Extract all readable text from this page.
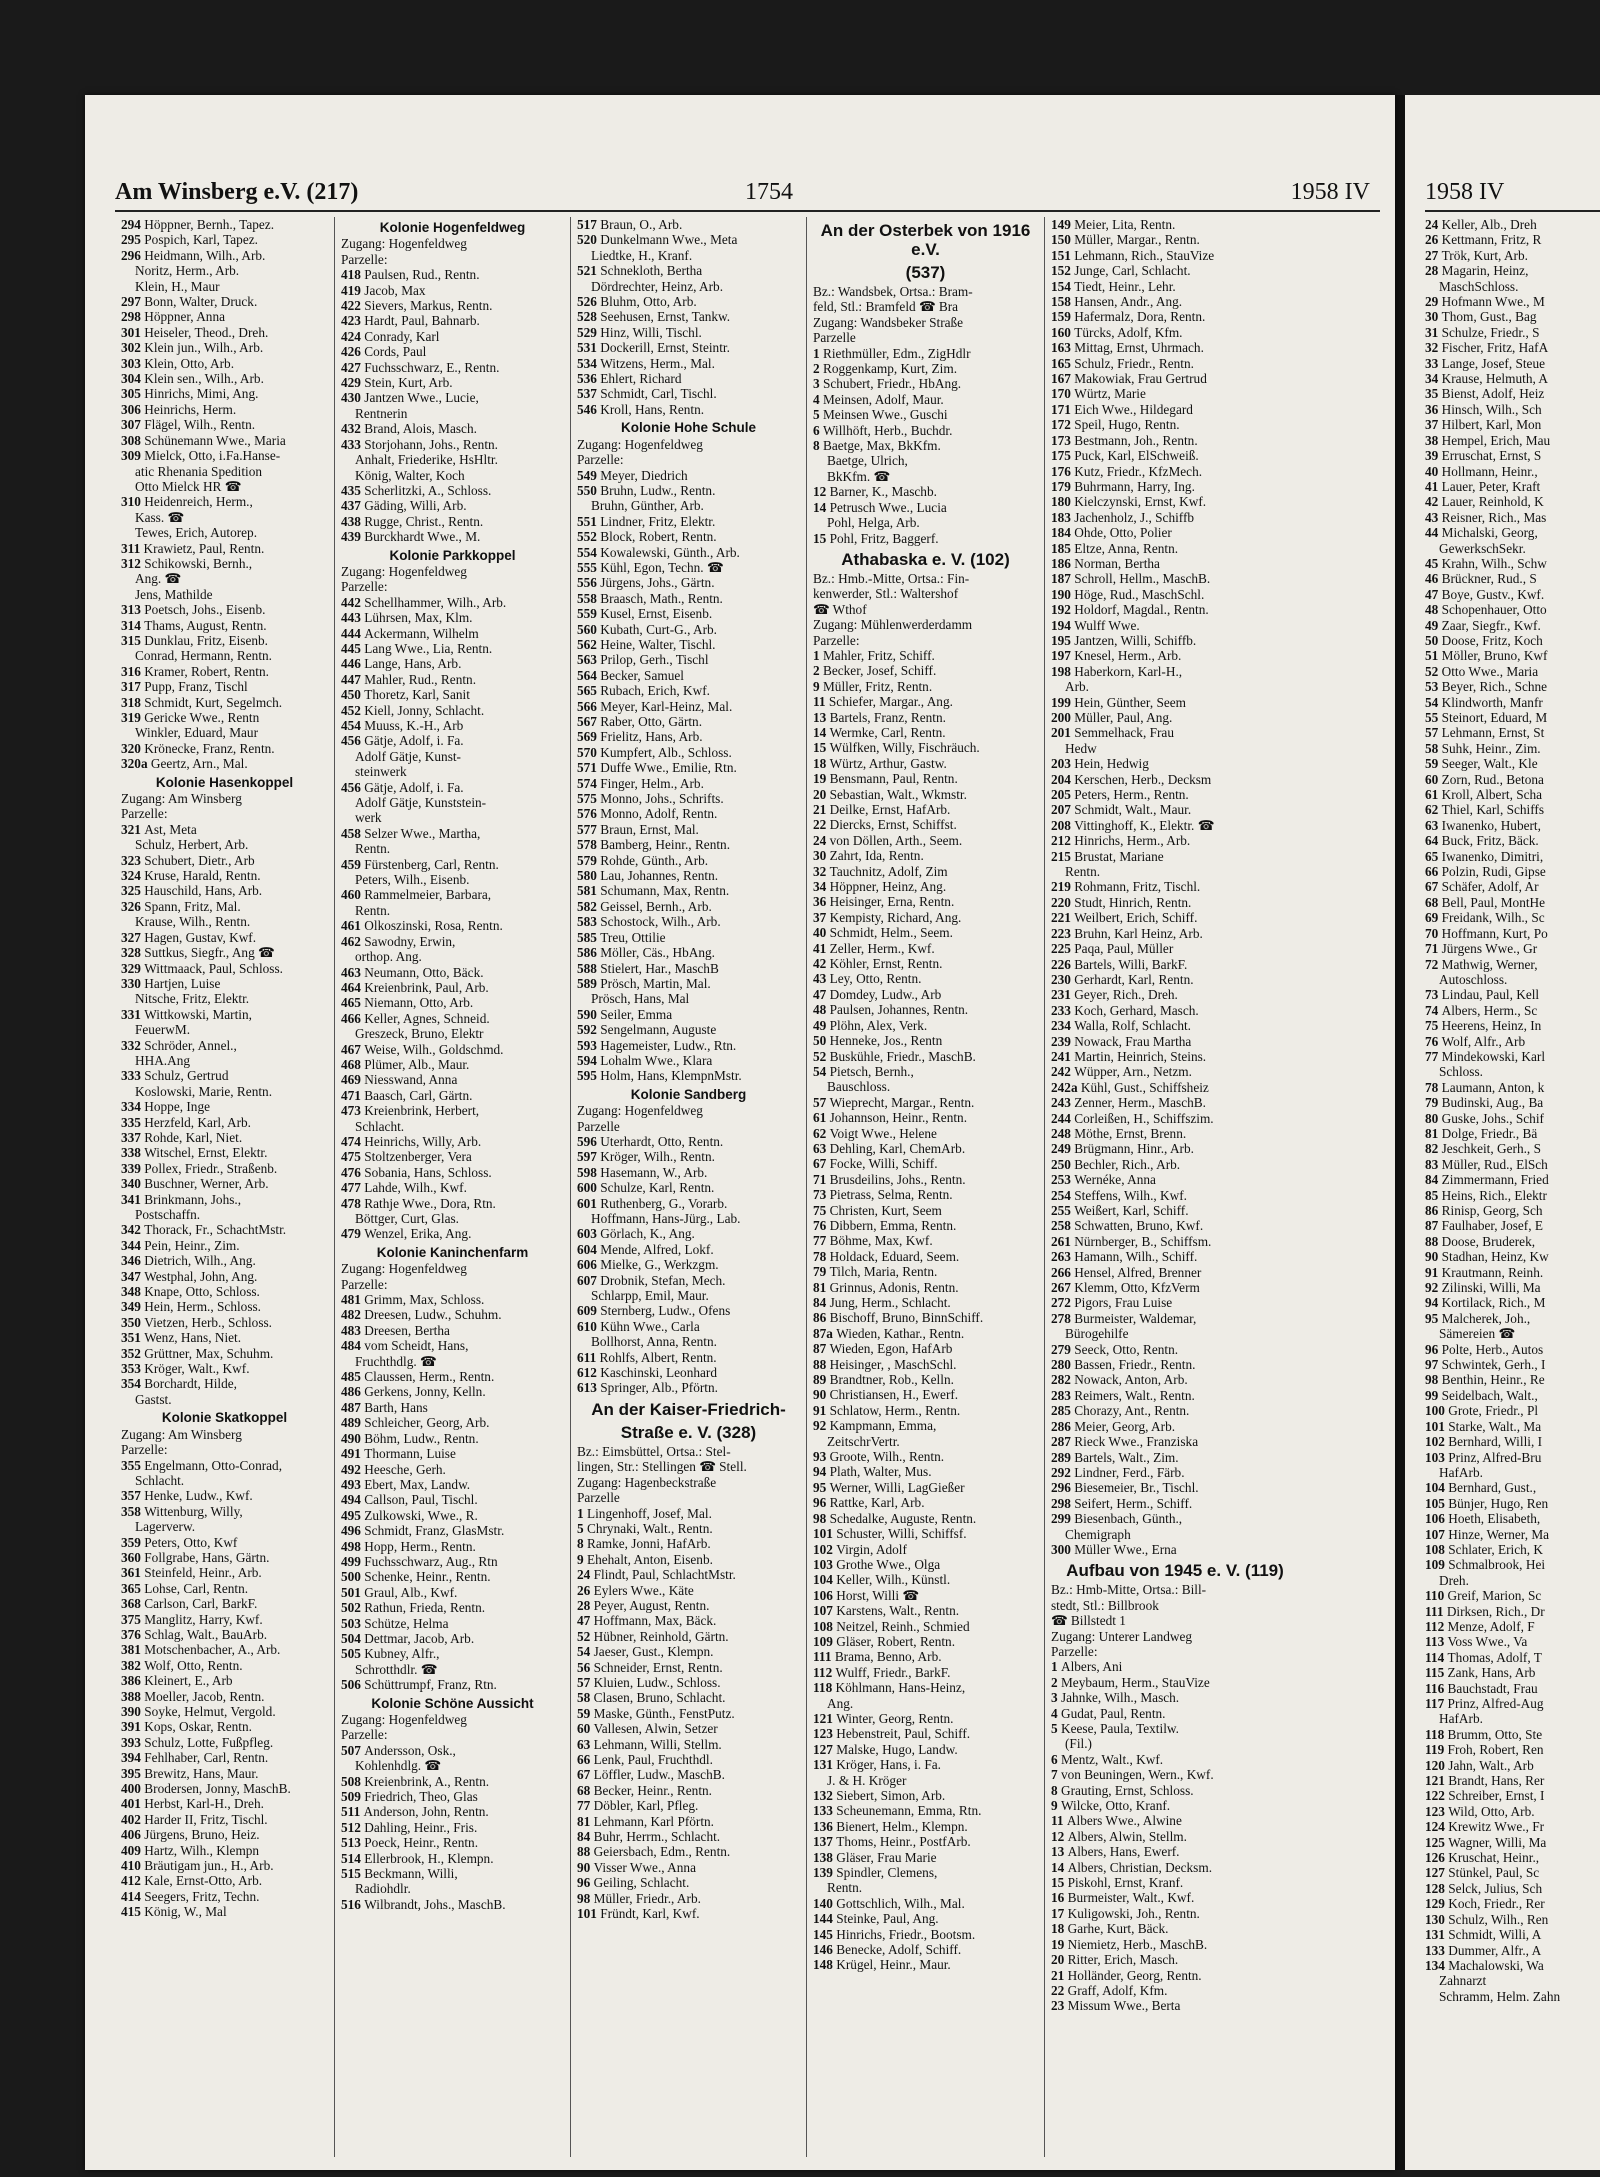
Am Winsberg e.V. (217)	1754	1958 IV
294 Höppner, Bernh., Tapez.
295 Pospich, Karl, Tapez.
296 Heidmann, Wilh., Arb.
Noritz, Herm., Arb.
Klein, H., Maur
297 Bonn, Walter, Druck.
298 Höppner, Anna
301 Heiseler, Theod., Dreh.
302 Klein jun., Wilh., Arb.
303 Klein, Otto, Arb.
304 Klein sen., Wilh., Arb.
305 Hinrichs, Mimi, Ang.
306 Heinrichs, Herm.
307 Flägel, Wilh., Rentn.
308 Schünemann Wwe., Maria
309 Mielck, Otto, i.Fa.Hanse-
atic Rhenania Spedition
Otto Mielck HR ☎
310 Heidenreich, Herm.,
Kass. ☎
Tewes, Erich, Autorep.
311 Krawietz, Paul, Rentn.
312 Schikowski, Bernh.,
Ang. ☎
Jens, Mathilde
313 Poetsch, Johs., Eisenb.
314 Thams, August, Rentn.
315 Dunklau, Fritz, Eisenb.
Conrad, Hermann, Rentn.
316 Kramer, Robert, Rentn.
317 Pupp, Franz, Tischl
318 Schmidt, Kurt, Segelmch.
319 Gericke Wwe., Rentn
Winkler, Eduard, Maur
320 Krönecke, Franz, Rentn.
320a Geertz, Arn., Mal.
Kolonie Hasenkoppel
Zugang: Am Winsberg
Parzelle:
321 Ast, Meta
Schulz, Herbert, Arb.
323 Schubert, Dietr., Arb
324 Kruse, Harald, Rentn.
325 Hauschild, Hans, Arb.
326 Spann, Fritz, Mal.
Krause, Wilh., Rentn.
327 Hagen, Gustav, Kwf.
328 Suttkus, Siegfr., Ang ☎
329 Wittmaack, Paul, Schloss.
330 Hartjen, Luise
Nitsche, Fritz, Elektr.
331 Wittkowski, Martin,
FeuerwM.
332 Schröder, Annel.,
HHA.Ang
333 Schulz, Gertrud
Koslowski, Marie, Rentn.
334 Hoppe, Inge
335 Herzfeld, Karl, Arb.
337 Rohde, Karl, Niet.
338 Witschel, Ernst, Elektr.
339 Pollex, Friedr., Straßenb.
340 Buschner, Werner, Arb.
341 Brinkmann, Johs.,
Postschaffn.
342 Thorack, Fr., SchachtMstr.
344 Pein, Heinr., Zim.
346 Dietrich, Wilh., Ang.
347 Westphal, John, Ang.
348 Knape, Otto, Schloss.
349 Hein, Herm., Schloss.
350 Vietzen, Herb., Schloss.
351 Wenz, Hans, Niet.
352 Grüttner, Max, Schuhm.
353 Kröger, Walt., Kwf.
354 Borchardt, Hilde,
Gastst.
Kolonie Skatkoppel
Zugang: Am Winsberg
Parzelle:
355 Engelmann, Otto-Conrad,
Schlacht.
357 Henke, Ludw., Kwf.
358 Wittenburg, Willy,
Lagerverw.
359 Peters, Otto, Kwf
360 Follgrabe, Hans, Gärtn.
361 Steinfeld, Heinr., Arb.
365 Lohse, Carl, Rentn.
368 Carlson, Carl, BarkF.
375 Manglitz, Harry, Kwf.
376 Schlag, Walt., BauArb.
381 Motschenbacher, A., Arb.
382 Wolf, Otto, Rentn.
386 Kleinert, E., Arb
388 Moeller, Jacob, Rentn.
390 Soyke, Helmut, Vergold.
391 Kops, Oskar, Rentn.
393 Schulz, Lotte, Fußpfleg.
394 Fehlhaber, Carl, Rentn.
395 Brewitz, Hans, Maur.
400 Brodersen, Jonny, MaschB.
401 Herbst, Karl-H., Dreh.
402 Harder II, Fritz, Tischl.
406 Jürgens, Bruno, Heiz.
409 Hartz, Wilh., Klempn
410 Bräutigam jun., H., Arb.
412 Kale, Ernst-Otto, Arb.
414 Seegers, Fritz, Techn.
415 König, W., Mal
Kolonie Hogenfeldweg
Zugang: Hogenfeldweg
Parzelle:
418 Paulsen, Rud., Rentn.
419 Jacob, Max
422 Sievers, Markus, Rentn.
423 Hardt, Paul, Bahnarb.
424 Conrady, Karl
426 Cords, Paul
427 Fuchsschwarz, E., Rentn.
429 Stein, Kurt, Arb.
430 Jantzen Wwe., Lucie,
Rentnerin
432 Brand, Alois, Masch.
433 Storjohann, Johs., Rentn.
Anhalt, Friederike, HsHltr.
König, Walter, Koch
435 Scherlitzki, A., Schloss.
437 Gäding, Willi, Arb.
438 Rugge, Christ., Rentn.
439 Burckhardt Wwe., M.
Kolonie Parkkoppel
Zugang: Hogenfeldweg
Parzelle:
442 Schellhammer, Wilh., Arb.
443 Lührsen, Max, Klm.
444 Ackermann, Wilhelm
445 Lang Wwe., Lia, Rentn.
446 Lange, Hans, Arb.
447 Mahler, Rud., Rentn.
450 Thoretz, Karl, Sanit
452 Kiell, Jonny, Schlacht.
454 Muuss, K.-H., Arb
456 Gätje, Adolf, i. Fa.
Adolf Gätje, Kunst-
steinwerk
456 Gätje, Adolf, i. Fa.
Adolf Gätje, Kunststein-
werk
458 Selzer Wwe., Martha,
Rentn.
459 Fürstenberg, Carl, Rentn.
Peters, Wilh., Eisenb.
460 Rammelmeier, Barbara,
Rentn.
461 Olkoszinski, Rosa, Rentn.
462 Sawodny, Erwin,
orthop. Ang.
463 Neumann, Otto, Bäck.
464 Kreienbrink, Paul, Arb.
465 Niemann, Otto, Arb.
466 Keller, Agnes, Schneid.
Greszeck, Bruno, Elektr
467 Weise, Wilh., Goldschmd.
468 Plümer, Alb., Maur.
469 Niesswand, Anna
471 Baasch, Carl, Gärtn.
473 Kreienbrink, Herbert,
Schlacht.
474 Heinrichs, Willy, Arb.
475 Stoltzenberger, Vera
476 Sobania, Hans, Schloss.
477 Lahde, Wilh., Kwf.
478 Rathje Wwe., Dora, Rtn.
Böttger, Curt, Glas.
479 Wenzel, Erika, Ang.
Kolonie Kaninchenfarm
Zugang: Hogenfeldweg
Parzelle:
481 Grimm, Max, Schloss.
482 Dreesen, Ludw., Schuhm.
483 Dreesen, Bertha
484 vom Scheidt, Hans,
Fruchthdlg. ☎
485 Claussen, Herm., Rentn.
486 Gerkens, Jonny, Kelln.
487 Barth, Hans
489 Schleicher, Georg, Arb.
490 Böhm, Ludw., Rentn.
491 Thormann, Luise
492 Heesche, Gerh.
493 Ebert, Max, Landw.
494 Callson, Paul, Tischl.
495 Zulkowski, Wwe., R.
496 Schmidt, Franz, GlasMstr.
498 Hopp, Herm., Rentn.
499 Fuchsschwarz, Aug., Rtn
500 Schenke, Heinr., Rentn.
501 Graul, Alb., Kwf.
502 Rathun, Frieda, Rentn.
503 Schütze, Helma
504 Dettmar, Jacob, Arb.
505 Kubney, Alfr.,
Schrotthdlr. ☎
506 Schüttrumpf, Franz, Rtn.
Kolonie Schöne Aussicht
Zugang: Hogenfeldweg
Parzelle:
507 Andersson, Osk.,
Kohlenhdlg. ☎
508 Kreienbrink, A., Rentn.
509 Friedrich, Theo, Glas
511 Anderson, John, Rentn.
512 Dahling, Heinr., Fris.
513 Poeck, Heinr., Rentn.
514 Ellerbrook, H., Klempn.
515 Beckmann, Willi,
Radiohdlr.
516 Wilbrandt, Johs., MaschB.
517 Braun, O., Arb.
520 Dunkelmann Wwe., Meta
Liedtke, H., Kranf.
521 Schnekloth, Bertha
Dördrechter, Heinz, Arb.
526 Bluhm, Otto, Arb.
528 Seehusen, Ernst, Tankw.
529 Hinz, Willi, Tischl.
531 Dockerill, Ernst, Steintr.
534 Witzens, Herm., Mal.
536 Ehlert, Richard
537 Schmidt, Carl, Tischl.
546 Kroll, Hans, Rentn.
Kolonie Hohe Schule
Zugang: Hogenfeldweg
Parzelle:
549 Meyer, Diedrich
550 Bruhn, Ludw., Rentn.
Bruhn, Günther, Arb.
551 Lindner, Fritz, Elektr.
552 Block, Robert, Rentn.
554 Kowalewski, Günth., Arb.
555 Kühl, Egon, Techn. ☎
556 Jürgens, Johs., Gärtn.
558 Braasch, Math., Rentn.
559 Kusel, Ernst, Eisenb.
560 Kubath, Curt-G., Arb.
562 Heine, Walter, Tischl.
563 Prilop, Gerh., Tischl
564 Becker, Samuel
565 Rubach, Erich, Kwf.
566 Meyer, Karl-Heinz, Mal.
567 Raber, Otto, Gärtn.
569 Frielitz, Hans, Arb.
570 Kumpfert, Alb., Schloss.
571 Duffe Wwe., Emilie, Rtn.
574 Finger, Helm., Arb.
575 Monno, Johs., Schrifts.
576 Monno, Adolf, Rentn.
577 Braun, Ernst, Mal.
578 Bamberg, Heinr., Rentn.
579 Rohde, Günth., Arb.
580 Lau, Johannes, Rentn.
581 Schumann, Max, Rentn.
582 Geissel, Bernh., Arb.
583 Schostock, Wilh., Arb.
585 Treu, Ottilie
586 Möller, Cäs., HbAng.
588 Stielert, Har., MaschB
589 Prösch, Martin, Mal.
Prösch, Hans, Mal
590 Seiler, Emma
592 Sengelmann, Auguste
593 Hagemeister, Ludw., Rtn.
594 Lohalm Wwe., Klara
595 Holm, Hans, KlempnMstr.
Kolonie Sandberg
Zugang: Hogenfeldweg
Parzelle
596 Uterhardt, Otto, Rentn.
597 Kröger, Wilh., Rentn.
598 Hasemann, W., Arb.
600 Schulze, Karl, Rentn.
601 Ruthenberg, G., Vorarb.
Hoffmann, Hans-Jürg., Lab.
603 Görlach, K., Ang.
604 Mende, Alfred, Lokf.
606 Mielke, G., Werkzgm.
607 Drobnik, Stefan, Mech.
Schlarpp, Emil, Maur.
609 Sternberg, Ludw., Ofens
610 Kühn Wwe., Carla
Bollhorst, Anna, Rentn.
611 Rohlfs, Albert, Rentn.
612 Kaschinski, Leonhard
613 Springer, Alb., Pförtn.
An der Kaiser-Friedrich-
Straße e. V. (328)
Bz.: Eimsbüttel, Ortsa.: Stel-
lingen, Str.: Stellingen ☎ Stell.
Zugang: Hagenbeckstraße
Parzelle
1 Lingenhoff, Josef, Mal.
5 Chrynaki, Walt., Rentn.
8 Ramke, Jonni, HafArb.
9 Ehehalt, Anton, Eisenb.
24 Flindt, Paul, SchlachtMstr.
26 Eylers Wwe., Käte
28 Peyer, August, Rentn.
47 Hoffmann, Max, Bäck.
52 Hübner, Reinhold, Gärtn.
54 Jaeser, Gust., Klempn.
56 Schneider, Ernst, Rentn.
57 Kluien, Ludw., Schloss.
58 Clasen, Bruno, Schlacht.
59 Maske, Günth., FenstPutz.
60 Vallesen, Alwin, Setzer
63 Lehmann, Willi, Stellm.
66 Lenk, Paul, Fruchthdl.
67 Löffler, Ludw., MaschB.
68 Becker, Heinr., Rentn.
77 Döbler, Karl, Pfleg.
81 Lehmann, Karl Pförtn.
84 Buhr, Herrm., Schlacht.
88 Geiersbach, Edm., Rentn.
90 Visser Wwe., Anna
96 Geiling, Schlacht.
98 Müller, Friedr., Arb.
101 Fründt, Karl, Kwf.
An der Osterbek von 1916 e.V.
(537)
Bz.: Wandsbek, Ortsa.: Bram-
feld, Stl.: Bramfeld ☎ Bra
Zugang: Wandsbeker Straße
Parzelle
1 Riethmüller, Edm., ZigHdlr
2 Roggenkamp, Kurt, Zim.
3 Schubert, Friedr., HbAng.
4 Meinsen, Adolf, Maur.
5 Meinsen Wwe., Guschi
6 Willhöft, Herb., Buchdr.
8 Baetge, Max, BkKfm.
Baetge, Ulrich,
BkKfm. ☎
12 Barner, K., Maschb.
14 Petrusch Wwe., Lucia
Pohl, Helga, Arb.
15 Pohl, Fritz, Baggerf.
Athabaska e. V. (102)
Bz.: Hmb.-Mitte, Ortsa.: Fin-
kenwerder, Stl.: Waltershof
☎ Wthof
Zugang: Mühlenwerderdamm
Parzelle:
1 Mahler, Fritz, Schiff.
2 Becker, Josef, Schiff.
9 Müller, Fritz, Rentn.
11 Schiefer, Margar., Ang.
13 Bartels, Franz, Rentn.
14 Wermke, Carl, Rentn.
15 Wülfken, Willy, Fischräuch.
18 Würtz, Arthur, Gastw.
19 Bensmann, Paul, Rentn.
20 Sebastian, Walt., Wkmstr.
21 Deilke, Ernst, HafArb.
22 Diercks, Ernst, Schiffst.
24 von Döllen, Arth., Seem.
30 Zahrt, Ida, Rentn.
32 Tauchnitz, Adolf, Zim
34 Höppner, Heinz, Ang.
36 Heisinger, Erna, Rentn.
37 Kempisty, Richard, Ang.
40 Schmidt, Helm., Seem.
41 Zeller, Herm., Kwf.
42 Köhler, Ernst, Rentn.
43 Ley, Otto, Rentn.
47 Domdey, Ludw., Arb
48 Paulsen, Johannes, Rentn.
49 Plöhn, Alex, Verk.
50 Henneke, Jos., Rentn
52 Buskühle, Friedr., MaschB.
54 Pietsch, Bernh.,
Bauschloss.
57 Wieprecht, Margar., Rentn.
61 Johannson, Heinr., Rentn.
62 Voigt Wwe., Helene
63 Dehling, Karl, ChemArb.
67 Focke, Willi, Schiff.
71 Brusdeilins, Johs., Rentn.
73 Pietrass, Selma, Rentn.
75 Christen, Kurt, Seem
76 Dibbern, Emma, Rentn.
77 Böhme, Max, Kwf.
78 Holdack, Eduard, Seem.
79 Tilch, Maria, Rentn.
81 Grinnus, Adonis, Rentn.
84 Jung, Herm., Schlacht.
86 Bischoff, Bruno, BinnSchiff.
87a Wieden, Kathar., Rentn.
87 Wieden, Egon, HafArb
88 Heisinger, , MaschSchl.
89 Brandtner, Rob., Kelln.
90 Christiansen, H., Ewerf.
91 Schlatow, Herm., Rentn.
92 Kampmann, Emma,
ZeitschrVertr.
93 Groote, Wilh., Rentn.
94 Plath, Walter, Mus.
95 Werner, Willi, LagGießer
96 Rattke, Karl, Arb.
98 Schedalke, Auguste, Rentn.
101 Schuster, Willi, Schiffsf.
102 Virgin, Adolf
103 Grothe Wwe., Olga
104 Keller, Wilh., Künstl.
106 Horst, Willi ☎
107 Karstens, Walt., Rentn.
108 Neitzel, Reinh., Schmied
109 Gläser, Robert, Rentn.
111 Brama, Benno, Arb.
112 Wulff, Friedr., BarkF.
118 Köhlmann, Hans-Heinz,
Ang.
121 Winter, Georg, Rentn.
123 Hebenstreit, Paul, Schiff.
127 Malske, Hugo, Landw.
131 Kröger, Hans, i. Fa.
J. & H. Kröger
132 Siebert, Simon, Arb.
133 Scheunemann, Emma, Rtn.
136 Bienert, Helm., Klempn.
137 Thoms, Heinr., PostfArb.
138 Gläser, Frau Marie
139 Spindler, Clemens,
Rentn.
140 Gottschlich, Wilh., Mal.
144 Steinke, Paul, Ang.
145 Hinrichs, Friedr., Bootsm.
146 Benecke, Adolf, Schiff.
148 Krügel, Heinr., Maur.
149 Meier, Lita, Rentn.
150 Müller, Margar., Rentn.
151 Lehmann, Rich., StauVize
152 Junge, Carl, Schlacht.
154 Tiedt, Heinr., Lehr.
158 Hansen, Andr., Ang.
159 Hafermalz, Dora, Rentn.
160 Türcks, Adolf, Kfm.
163 Mittag, Ernst, Uhrmach.
165 Schulz, Friedr., Rentn.
167 Makowiak, Frau Gertrud
170 Würtz, Marie
171 Eich Wwe., Hildegard
172 Speil, Hugo, Rentn.
173 Bestmann, Joh., Rentn.
175 Puck, Karl, ElSchweiß.
176 Kutz, Friedr., KfzMech.
179 Buhrmann, Harry, Ing.
180 Kielczynski, Ernst, Kwf.
183 Jachenholz, J., Schiffb
184 Ohde, Otto, Polier
185 Eltze, Anna, Rentn.
186 Norman, Bertha
187 Schroll, Hellm., MaschB.
190 Höge, Rud., MaschSchl.
192 Holdorf, Magdal., Rentn.
194 Wulff Wwe.
195 Jantzen, Willi, Schiffb.
197 Knesel, Herm., Arb.
198 Haberkorn, Karl-H.,
Arb.
199 Hein, Günther, Seem
200 Müller, Paul, Ang.
201 Semmelhack, Frau
Hedw
203 Hein, Hedwig
204 Kerschen, Herb., Decksm
205 Peters, Herm., Rentn.
207 Schmidt, Walt., Maur.
208 Vittinghoff, K., Elektr. ☎
212 Hinrichs, Herm., Arb.
215 Brustat, Mariane
Rentn.
219 Rohmann, Fritz, Tischl.
220 Studt, Hinrich, Rentn.
221 Weilbert, Erich, Schiff.
223 Bruhn, Karl Heinz, Arb.
225 Paqa, Paul, Müller
226 Bartels, Willi, BarkF.
230 Gerhardt, Karl, Rentn.
231 Geyer, Rich., Dreh.
233 Koch, Gerhard, Masch.
234 Walla, Rolf, Schlacht.
239 Nowack, Frau Martha
241 Martin, Heinrich, Steins.
242 Wüpper, Arn., Netzm.
242a Kühl, Gust., Schiffsheiz
243 Zenner, Herm., MaschB.
244 Corleißen, H., Schiffszim.
248 Möthe, Ernst, Brenn.
249 Brügmann, Hinr., Arb.
250 Bechler, Rich., Arb.
253 Wernéke, Anna
254 Steffens, Wilh., Kwf.
255 Weißert, Karl, Schiff.
258 Schwatten, Bruno, Kwf.
261 Nürnberger, B., Schiffsm.
263 Hamann, Wilh., Schiff.
266 Hensel, Alfred, Brenner
267 Klemm, Otto, KfzVerm
272 Pigors, Frau Luise
278 Burmeister, Waldemar,
Bürogehilfe
279 Seeck, Otto, Rentn.
280 Bassen, Friedr., Rentn.
282 Nowack, Anton, Arb.
283 Reimers, Walt., Rentn.
285 Chorazy, Ant., Rentn.
286 Meier, Georg, Arb.
287 Rieck Wwe., Franziska
289 Bartels, Walt., Zim.
292 Lindner, Ferd., Färb.
296 Biesemeier, Br., Tischl.
298 Seifert, Herm., Schiff.
299 Biesenbach, Günth.,
Chemigraph
300 Müller Wwe., Erna
Aufbau von 1945 e. V. (119)
Bz.: Hmb-Mitte, Ortsa.: Bill-
stedt, Stl.: Billbrook
☎ Billstedt 1
Zugang: Unterer Landweg
Parzelle:
1 Albers, Ani
2 Meybaum, Herm., StauVize
3 Jahnke, Wilh., Masch.
4 Gudat, Paul, Rentn.
5 Keese, Paula, Textilw.
(Fil.)
6 Mentz, Walt., Kwf.
7 von Beuningen, Wern., Kwf.
8 Grauting, Ernst, Schloss.
9 Wilcke, Otto, Kranf.
11 Albers Wwe., Alwine
12 Albers, Alwin, Stellm.
13 Albers, Hans, Ewerf.
14 Albers, Christian, Decksm.
15 Piskohl, Ernst, Kranf.
16 Burmeister, Walt., Kwf.
17 Kuligowski, Joh., Rentn.
18 Garhe, Kurt, Bäck.
19 Niemietz, Herb., MaschB.
20 Ritter, Erich, Masch.
21 Holländer, Georg, Rentn.
22 Graff, Adolf, Kfm.
23 Missum Wwe., Berta
1958 IV
24 Keller, Alb., Dreh
26 Kettmann, Fritz, R
27 Trök, Kurt, Arb.
28 Magarin, Heinz,
MaschSchloss.
29 Hofmann Wwe., M
30 Thom, Gust., Bag
31 Schulze, Friedr., S
32 Fischer, Fritz, HafA
33 Lange, Josef, Steue
34 Krause, Helmuth, A
35 Bienst, Adolf, Heiz
36 Hinsch, Wilh., Sch
37 Hilbert, Karl, Mon
38 Hempel, Erich, Mau
39 Erruschat, Ernst, S
40 Hollmann, Heinr.,
41 Lauer, Peter, Kraft
42 Lauer, Reinhold, K
43 Reisner, Rich., Mas
44 Michalski, Georg,
GewerkschSekr.
45 Krahn, Wilh., Schw
46 Brückner, Rud., S
47 Boye, Gustv., Kwf.
48 Schopenhauer, Otto
49 Zaar, Siegfr., Kwf.
50 Doose, Fritz, Koch
51 Möller, Bruno, Kwf
52 Otto Wwe., Maria
53 Beyer, Rich., Schne
54 Klindworth, Manfr
55 Steinort, Eduard, M
57 Lehmann, Ernst, St
58 Suhk, Heinr., Zim.
59 Seeger, Walt., Kle
60 Zorn, Rud., Betona
61 Kroll, Albert, Scha
62 Thiel, Karl, Schiffs
63 Iwanenko, Hubert,
64 Buck, Fritz, Bäck.
65 Iwanenko, Dimitri,
66 Polzin, Rudi, Gipse
67 Schäfer, Adolf, Ar
68 Bell, Paul, MontHe
69 Freidank, Wilh., Sc
70 Hoffmann, Kurt, Po
71 Jürgens Wwe., Gr
72 Mathwig, Werner,
Autoschloss.
73 Lindau, Paul, Kell
74 Albers, Herm., Sc
75 Heerens, Heinz, In
76 Wolf, Alfr., Arb
77 Mindekowski, Karl
Schloss.
78 Laumann, Anton, k
79 Budinski, Aug., Ba
80 Guske, Johs., Schif
81 Dolge, Friedr., Bä
82 Jeschkeit, Gerh., S
83 Müller, Rud., ElSch
84 Zimmermann, Fried
85 Heins, Rich., Elektr
86 Rinisp, Georg, Sch
87 Faulhaber, Josef, E
88 Doose, Bruderek,
90 Stadhan, Heinz, Kw
91 Krautmann, Reinh.
92 Zilinski, Willi, Ma
94 Kortilack, Rich., M
95 Malcherek, Joh.,
Sämereien ☎
96 Polte, Herb., Autos
97 Schwintek, Gerh., I
98 Benthin, Heinr., Re
99 Seidelbach, Walt.,
100 Grote, Friedr., Pl
101 Starke, Walt., Ma
102 Bernhard, Willi, I
103 Prinz, Alfred-Bru
HafArb.
104 Bernhard, Gust.,
105 Bünjer, Hugo, Ren
106 Hoeth, Elisabeth,
107 Hinze, Werner, Ma
108 Schlater, Erich, K
109 Schmalbrook, Hei
Dreh.
110 Greif, Marion, Sc
111 Dirksen, Rich., Dr
112 Menze, Adolf, F
113 Voss Wwe., Va
114 Thomas, Adolf, T
115 Zank, Hans, Arb
116 Bauchstadt, Frau
117 Prinz, Alfred-Aug
HafArb.
118 Brumm, Otto, Ste
119 Froh, Robert, Ren
120 Jahn, Walt., Arb
121 Brandt, Hans, Rer
122 Schreiber, Ernst, I
123 Wild, Otto, Arb.
124 Krewitz Wwe., Fr
125 Wagner, Willi, Ma
126 Kruschat, Heinr.,
127 Stünkel, Paul, Sc
128 Selck, Julius, Sch
129 Koch, Friedr., Rer
130 Schulz, Wilh., Ren
131 Schmidt, Willi, A
133 Dummer, Alfr., A
134 Machalowski, Wa
Zahnarzt
Schramm, Helm. Zahn
